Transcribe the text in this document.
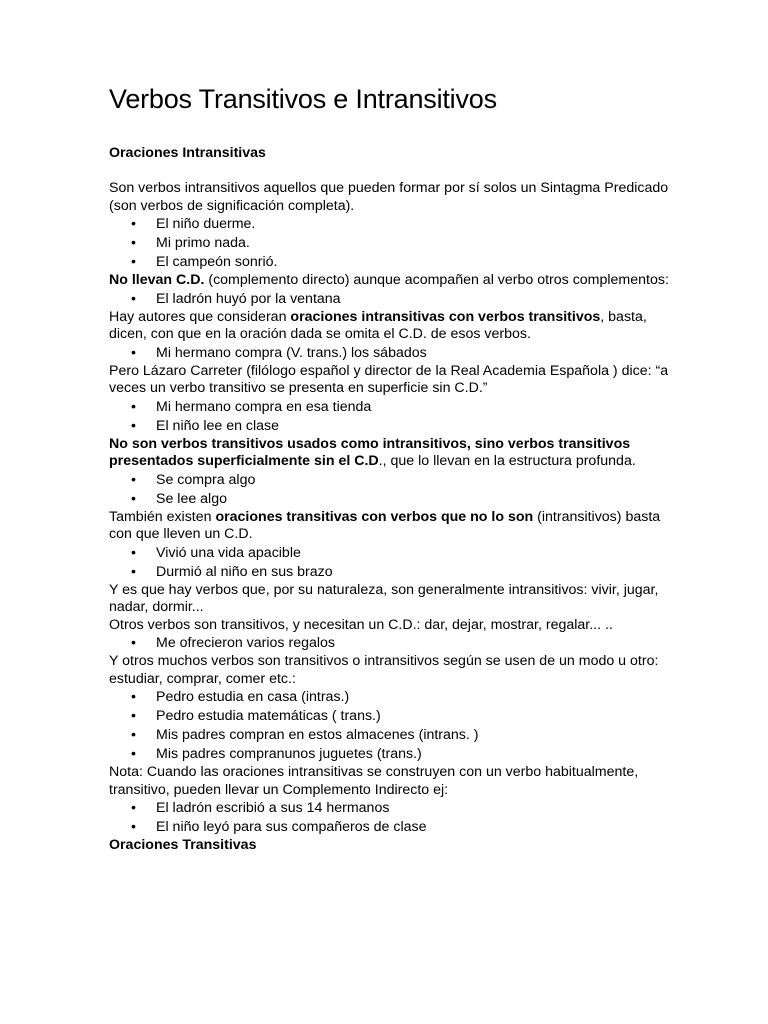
Verbos Transitivos e Intransitivos

Oraciones Intransitivas

Son verbos intransitivos aquellos que pueden formar por sí solos un Sintagma Predicado (son verbos de significación completa).

• El niño duerme.
• Mi primo nada.
• El campeón sonrió.

No llevan C.D. (complemento directo) aunque acompañen al verbo otros complementos:

• El ladrón huyó por la ventana

Hay autores que consideran oraciones intransitivas con verbos transitivos, basta, dicen, con que en la oración dada se omita el C.D. de esos verbos.

• Mi hermano compra (V. trans.) los sábados

Pero Lázaro Carreter (filólogo español y director de la Real Academia Española ) dice: “a veces un verbo transitivo se presenta en superficie sin C.D.”

• Mi hermano compra en esa tienda
• El niño lee en clase

No son verbos transitivos usados como intransitivos, sino verbos transitivos presentados superficialmente sin el C.D., que lo llevan en la estructura profunda.

• Se compra algo
• Se lee algo

También existen oraciones transitivas con verbos que no lo son (intransitivos) basta con que lleven un C.D.

• Vivió una vida apacible
• Durmió al niño en sus brazo

Y es que hay verbos que, por su naturaleza, son generalmente intransitivos: vivir, jugar, nadar, dormir...

Otros verbos son transitivos, y necesitan un C.D.: dar, dejar, mostrar, regalar... ..

• Me ofrecieron varios regalos

Y otros muchos verbos son transitivos o intransitivos según se usen de un modo u otro: estudiar, comprar, comer etc.:

• Pedro estudia en casa (intras.)
• Pedro estudia matemáticas ( trans.)
• Mis padres compran en estos almacenes (intrans. )
• Mis padres compranunos juguetes (trans.)

Nota: Cuando las oraciones intransitivas se construyen con un verbo habitualmente, transitivo, pueden llevar un Complemento Indirecto ej:

• El ladrón escribió a sus 14 hermanos
• El niño leyó para sus compañeros de clase

Oraciones Transitivas
